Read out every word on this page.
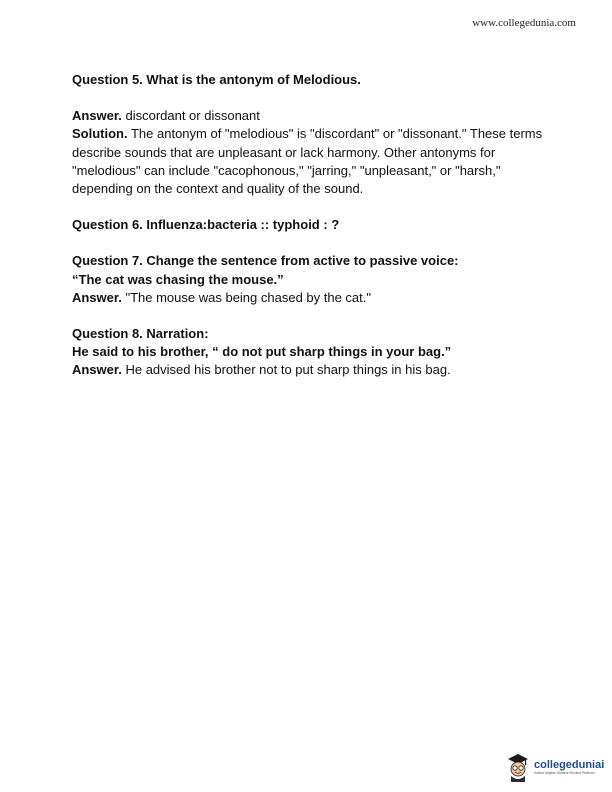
www.collegedunia.com
Question 5. What is the antonym of Melodious.
Answer. discordant or dissonant
Solution. The antonym of "melodious" is "discordant" or "dissonant." These terms describe sounds that are unpleasant or lack harmony. Other antonyms for "melodious" can include "cacophonous," "jarring," "unpleasant," or "harsh," depending on the context and quality of the sound.
Question 6. Influenza:bacteria :: typhoid : ?
Question 7. Change the sentence from active to passive voice:
“The cat was chasing the mouse.”
Answer. "The mouse was being chased by the cat."
Question 8. Narration:
He said to his brother, “ do not put sharp things in your bag.”
Answer. He advised his brother not to put sharp things in his bag.
collegeduniai
India's largest Student Review Platform
